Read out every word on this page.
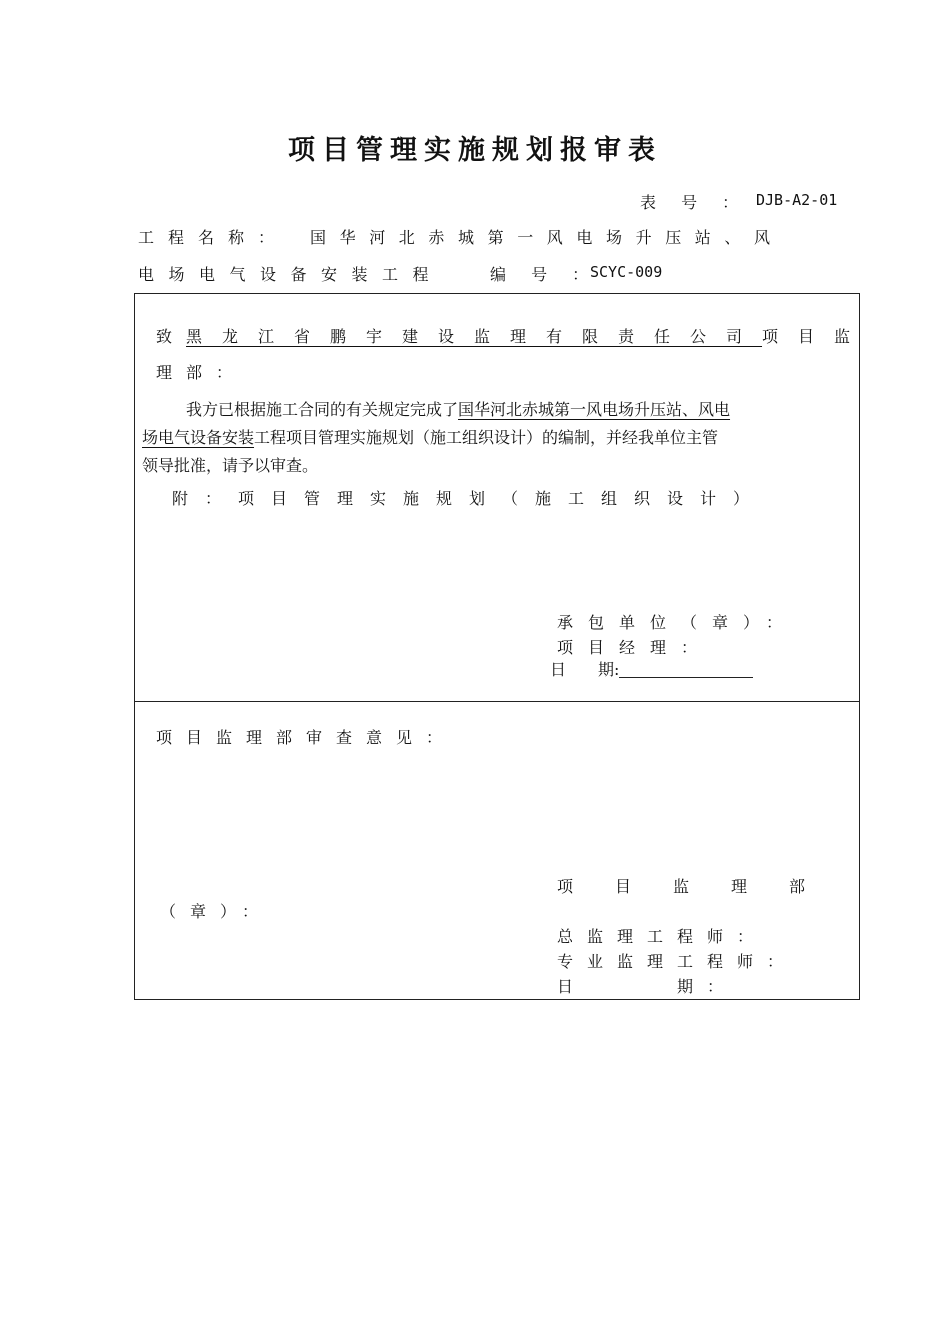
项目管理实施规划报审表
表 号 ： DJB-A2-01
工程名称： 国华河北赤城第一风电场升压站、风
电场电气设备安装工程	编 号 ：
SCYC-009
致黑龙江省鹏宇建设监理有限责任公司项目监
理部：
我方已根据施工合同的有关规定完成了国华河北赤城第一风电场升压站、风电
场电气设备安装工程项目管理实施规划（施工组织设计）的编制，并经我单位主管
领导批准，请予以审查。
附：项目管理实施规划（施工组织设计）
承包单位（章）：
项目经理：
日　　期:
项目监理部审查意见：
项　目　监　理　部
（章）：
总监理工程师：
专业监理工程师：
日　　　期：
